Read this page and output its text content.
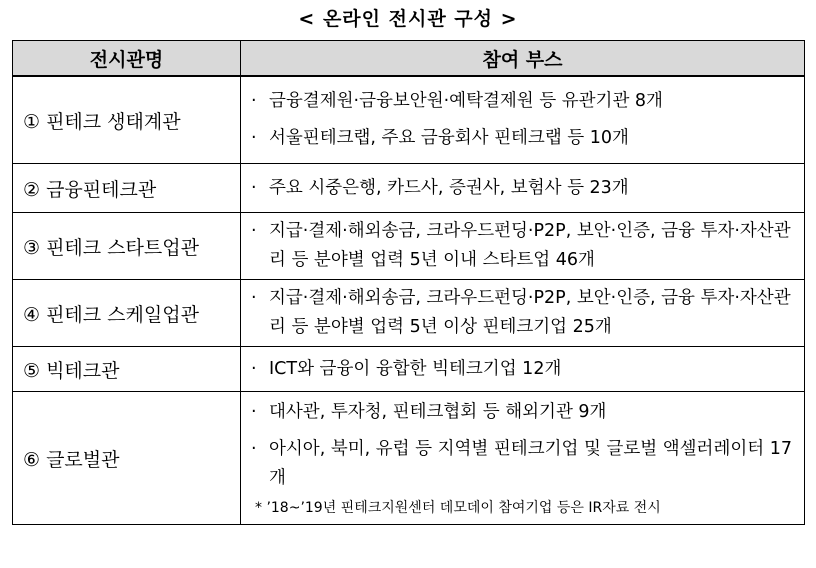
< 온라인 전시관 구성 >
전시관명	참여 부스
① 핀테크 생태계관	· 금융결제원·금융보안원·예탁결제원 등 유관기관 8개
· 서울핀테크랩, 주요 금융회사 핀테크랩 등 10개

② 금융핀테크관	· 주요 시중은행, 카드사, 증권사, 보험사 등 23개

③ 핀테크 스타트업관	· 지급·결제·해외송금, 크라우드펀딩·P2P, 보안·인증, 금융 투자·자산관리 등 분야별 업력 5년 이내 스타트업 46개

④ 핀테크 스케일업관	· 지급·결제·해외송금, 크라우드펀딩·P2P, 보안·인증, 금융 투자·자산관리 등 분야별 업력 5년 이상 핀테크기업 25개

⑤ 빅테크관	· ICT와 금융이 융합한 빅테크기업 12개

⑥ 글로벌관	· 대사관, 투자청, 핀테크협회 등 해외기관 9개
· 아시아, 북미, 유럽 등 지역별 핀테크기업 및 글로벌 액셀러레이터 17개
* ’18~’19년 핀테크지원센터 데모데이 참여기업 등은 IR자료 전시
